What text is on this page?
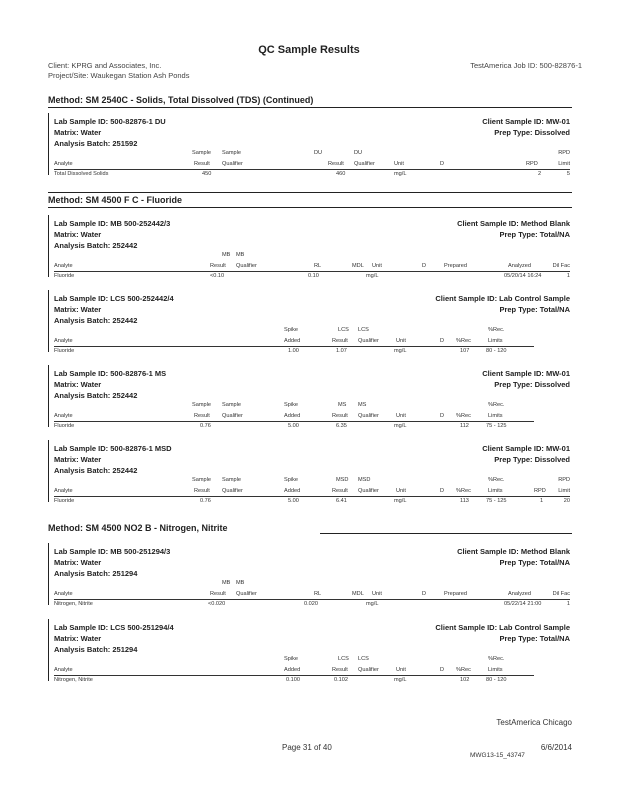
QC Sample Results
Client: KPRG and Associates, Inc.	TestAmerica Job ID: 500-82876-1
Project/Site: Waukegan Station Ash Ponds
Method: SM 2540C - Solids, Total Dissolved (TDS) (Continued)
Lab Sample ID: 500-82876-1 DU
Matrix: Water
Analysis Batch: 251592
Client Sample ID: MW-01
Prep Type: Dissolved
Sample Sample	DU	DU	RPD
Analyte	Result Qualifier	Result Qualifier	Unit	D	RPD	Limit
Total Dissolved Solids	450	460	mg/L	2	5
Method: SM 4500 F C - Fluoride
Lab Sample ID: MB 500-252442/3
Matrix: Water
Analysis Batch: 252442
Client Sample ID: Method Blank
Prep Type: Total/NA
MB MB
Analyte	Result Qualifier	RL	MDL Unit	D	Prepared	Analyzed	Dil Fac
Fluoride	<0.10	0.10	mg/L	05/20/14 16:24	1
Lab Sample ID: LCS 500-252442/4
Matrix: Water
Analysis Batch: 252442
Client Sample ID: Lab Control Sample
Prep Type: Total/NA
Spike	LCS LCS	%Rec.
Analyte	Added	Result Qualifier	Unit	D %Rec	Limits
Fluoride	1.00	1.07	mg/L	107	80 - 120
Lab Sample ID: 500-82876-1 MS
Matrix: Water
Analysis Batch: 252442
Client Sample ID: MW-01
Prep Type: Dissolved
Sample Sample	Spike	MS MS	%Rec.
Analyte	Result Qualifier	Added	Result Qualifier	Unit	D %Rec	Limits
Fluoride	0.76	5.00	6.35	mg/L	112	75 - 125
Lab Sample ID: 500-82876-1 MSD
Matrix: Water
Analysis Batch: 252442
Client Sample ID: MW-01
Prep Type: Dissolved
Sample Sample	Spike	MSD MSD	%Rec.	RPD
Analyte	Result Qualifier	Added	Result Qualifier	Unit	D %Rec	Limits	RPD Limit
Fluoride	0.76	5.00	6.41	mg/L	113	75 - 125	1	20
Method: SM 4500 NO2 B - Nitrogen, Nitrite
Lab Sample ID: MB 500-251294/3
Matrix: Water
Analysis Batch: 251294
Client Sample ID: Method Blank
Prep Type: Total/NA
MB MB
Analyte	Result Qualifier	RL	MDL Unit	D	Prepared	Analyzed	Dil Fac
Nitrogen, Nitrite	<0.020	0.020	mg/L	05/22/14 21:00	1
Lab Sample ID: LCS 500-251294/4
Matrix: Water
Analysis Batch: 251294
Client Sample ID: Lab Control Sample
Prep Type: Total/NA
Spike	LCS LCS	%Rec.
Analyte	Added	Result Qualifier	Unit	D %Rec	Limits
Nitrogen, Nitrite	0.100	0.102	mg/L	102	80 - 120
TestAmerica Chicago
Page 31 of 40	6/6/2014
MWG13-15_43747
